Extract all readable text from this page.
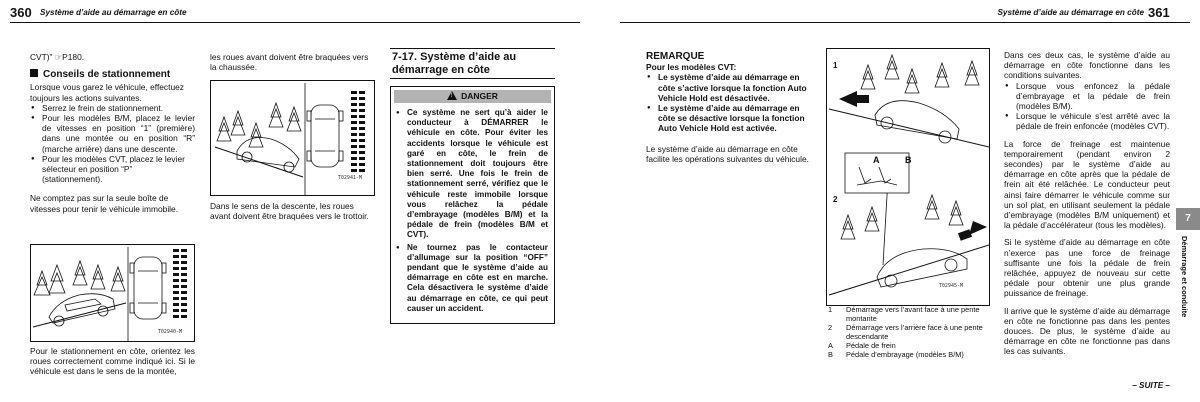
360 Système d’aide au démarrage en côte	Système d’aide au démarrage en côte 361

CVT)” ☞P180.

Conseils de stationnement

Lorsque vous garez le véhicule, effectuez toujours les actions suivantes.

● Serrez le frein de stationnement.
● Pour les modèles B/M, placez le levier de vitesses en position “1” (première) dans une montée ou en position “R” (marche arrière) dans une descente.
● Pour les modèles CVT, placez le levier sélecteur en position “P” (stationnement).

Ne comptez pas sur la seule boîte de vitesses pour tenir le véhicule immobile.

T02940-M
Pour le stationnement en côte, orientez les roues correctement comme indiqué ici. Si le véhicule est dans le sens de la montée,
les roues avant doivent être braquées vers la chaussée.
T02941-M
Dans le sens de la descente, les roues avant doivent être braquées vers le trottoir.
7-17. Système d’aide au démarrage en côte
!DANGER
● Ce système ne sert qu’à aider le conducteur à DÉMARRER le véhicule en côte. Pour éviter les accidents lorsque le véhicule est garé en côte, le frein de stationnement doit toujours être bien serré. Une fois le frein de stationnement serré, vérifiez que le véhicule reste immobile lorsque vous relâchez la pédale d’embrayage (modèles B/M) et la pédale de frein (modèles B/M et CVT).
● Ne tournez pas le contacteur d’allumage sur la position “OFF” pendant que le système d’aide au démarrage en côte est en marche. Cela désactivera le système d’aide au démarrage en côte, ce qui peut causer un accident.
REMARQUE

Pour les modèles CVT:

● Le système d’aide au démarrage en côte s’active lorsque la fonction Auto Vehicle Hold est désactivée.
● Le système d’aide au démarrage en côte se désactive lorsque la fonction Auto Vehicle Hold est activée.

Le système d’aide au démarrage en côte facilite les opérations suivantes du véhicule.

1
2
A	B
T02945-M
1	Démarrage vers l’avant face à une pente montante
2	Démarrage vers l’arrière face à une pente descendante
A	Pédale de frein
B	Pédale d’embrayage (modèles B/M)

Dans ces deux cas, le système d’aide au démarrage en côte fonctionne dans les conditions suivantes.

● Lorsque vous enfoncez la pédale d’embrayage et la pédale de frein (modèles B/M).
● Lorsque le véhicule s’est arrêté avec la pédale de frein enfoncée (modèles CVT).

La force de freinage est maintenue temporairement (pendant environ 2 secondes) par le système d’aide au démarrage en côte après que la pédale de frein ait été relâchée. Le conducteur peut ainsi faire démarrer le véhicule comme sur un sol plat, en utilisant seulement la pédale d’embrayage (modèles B/M uniquement) et la pédale d’accélérateur (tous les modèles).

Si le système d’aide au démarrage en côte n’exerce pas une force de freinage suffisante une fois la pédale de frein relâchée, appuyez de nouveau sur cette pédale pour obtenir une plus grande puissance de freinage.

Il arrive que le système d’aide au démarrage en côte ne fonctionne pas dans les pentes douces. De plus, le système d’aide au démarrage en côte ne fonctionne pas dans les cas suivants.

– SUITE –
7
Démarrage et conduite
